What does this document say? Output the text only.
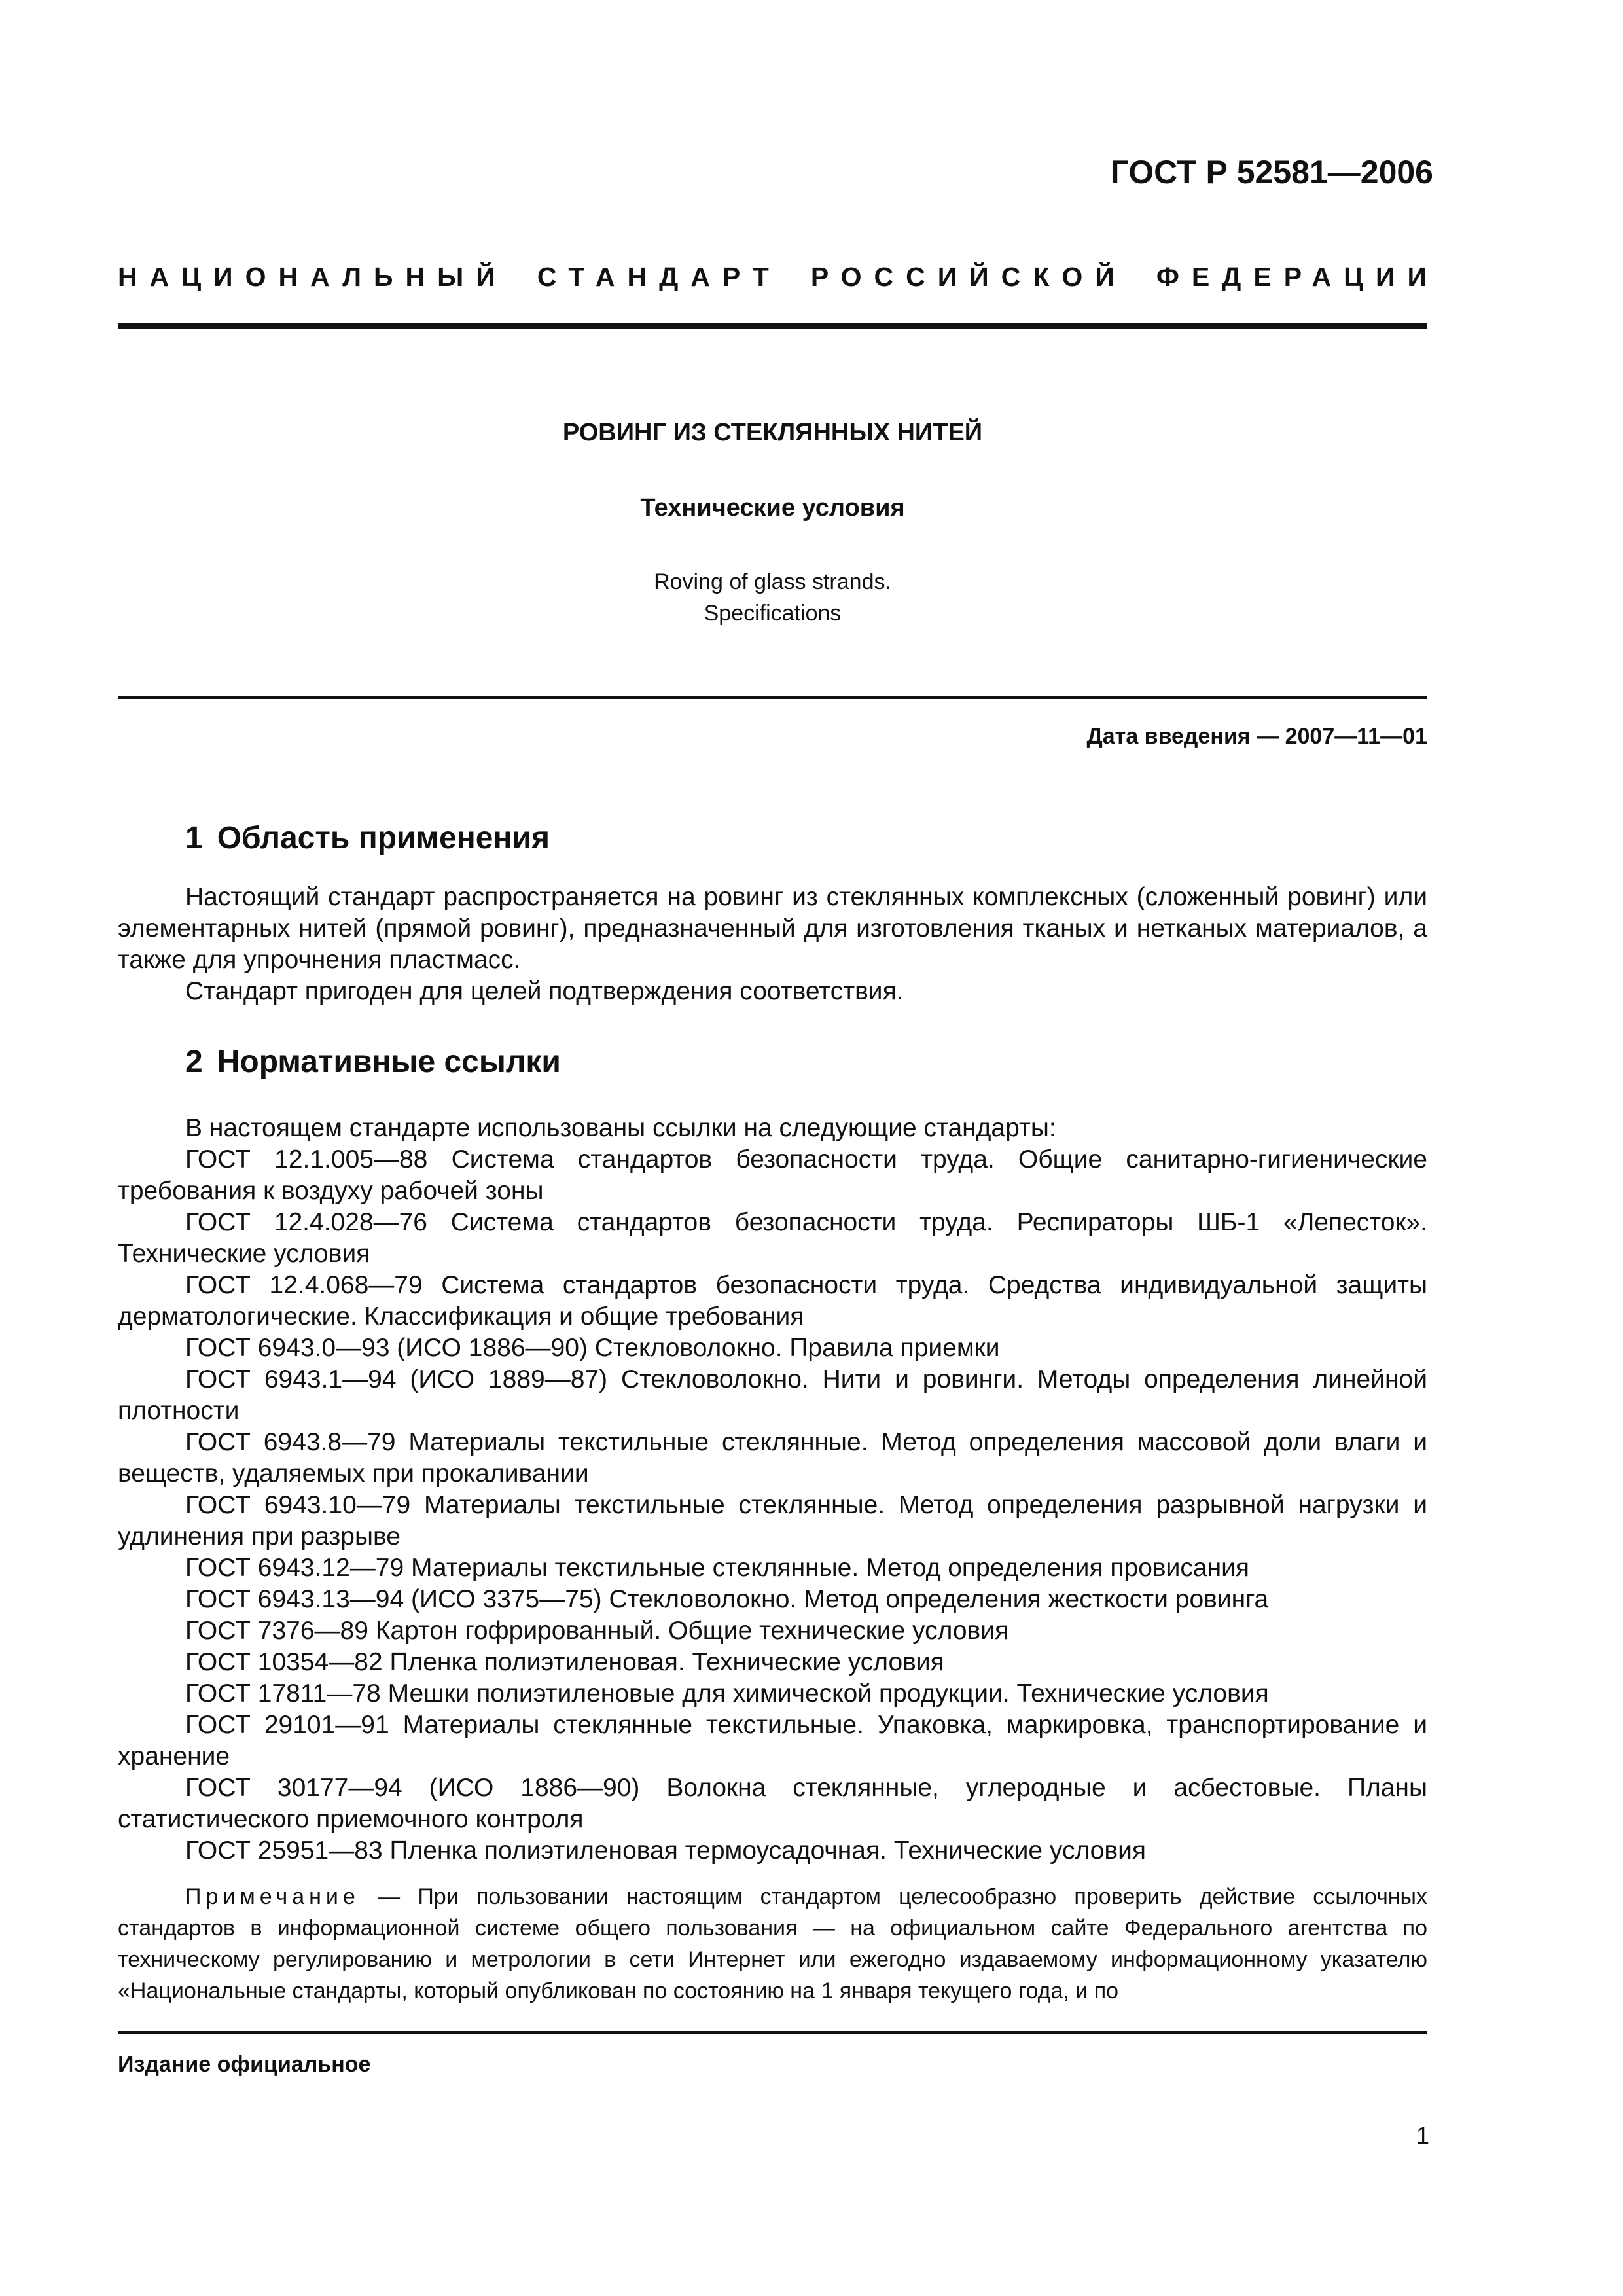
ГОСТ Р 52581—2006
НАЦИОНАЛЬНЫЙ СТАНДАРТ РОССИЙСКОЙ ФЕДЕРАЦИИ
РОВИНГ ИЗ СТЕКЛЯННЫХ НИТЕЙ
Технические условия
Roving of glass strands.
Specifications
Дата введения — 2007—11—01
1 Область применения

Настоящий стандарт распространяется на ровинг из стеклянных комплексных (сложенный ровинг) или элементарных нитей (прямой ровинг), предназначенный для изготовления тканых и нетканых материалов, а также для упрочнения пластмасс.

Стандарт пригоден для целей подтверждения соответствия.

2 Нормативные ссылки

В настоящем стандарте использованы ссылки на следующие стандарты:

ГОСТ 12.1.005—88 Система стандартов безопасности труда. Общие санитарно-гигиенические требования к воздуху рабочей зоны

ГОСТ 12.4.028—76 Система стандартов безопасности труда. Респираторы ШБ-1 «Лепесток». Технические условия

ГОСТ 12.4.068—79 Система стандартов безопасности труда. Средства индивидуальной защиты дерматологические. Классификация и общие требования

ГОСТ 6943.0—93 (ИСО 1886—90) Стекловолокно. Правила приемки

ГОСТ 6943.1—94 (ИСО 1889—87) Стекловолокно. Нити и ровинги. Методы определения линейной плотности

ГОСТ 6943.8—79 Материалы текстильные стеклянные. Метод определения массовой доли влаги и веществ, удаляемых при прокаливании

ГОСТ 6943.10—79 Материалы текстильные стеклянные. Метод определения разрывной нагрузки и удлинения при разрыве

ГОСТ 6943.12—79 Материалы текстильные стеклянные. Метод определения провисания

ГОСТ 6943.13—94 (ИСО 3375—75) Стекловолокно. Метод определения жесткости ровинга

ГОСТ 7376—89 Картон гофрированный. Общие технические условия

ГОСТ 10354—82 Пленка полиэтиленовая. Технические условия

ГОСТ 17811—78 Мешки полиэтиленовые для химической продукции. Технические условия

ГОСТ 29101—91 Материалы стеклянные текстильные. Упаковка, маркировка, транспортирование и хранение

ГОСТ 30177—94 (ИСО 1886—90) Волокна стеклянные, углеродные и асбестовые. Планы статистического приемочного контроля

ГОСТ 25951—83 Пленка полиэтиленовая термоусадочная. Технические условия

Примечание — При пользовании настоящим стандартом целесообразно проверить действие ссылочных стандартов в информационной системе общего пользования — на официальном сайте Федерального агентства по техническому регулированию и метрологии в сети Интернет или ежегодно издаваемому информационному указателю «Национальные стандарты, который опубликован по состоянию на 1 января текущего года, и по

Издание официальное
1
